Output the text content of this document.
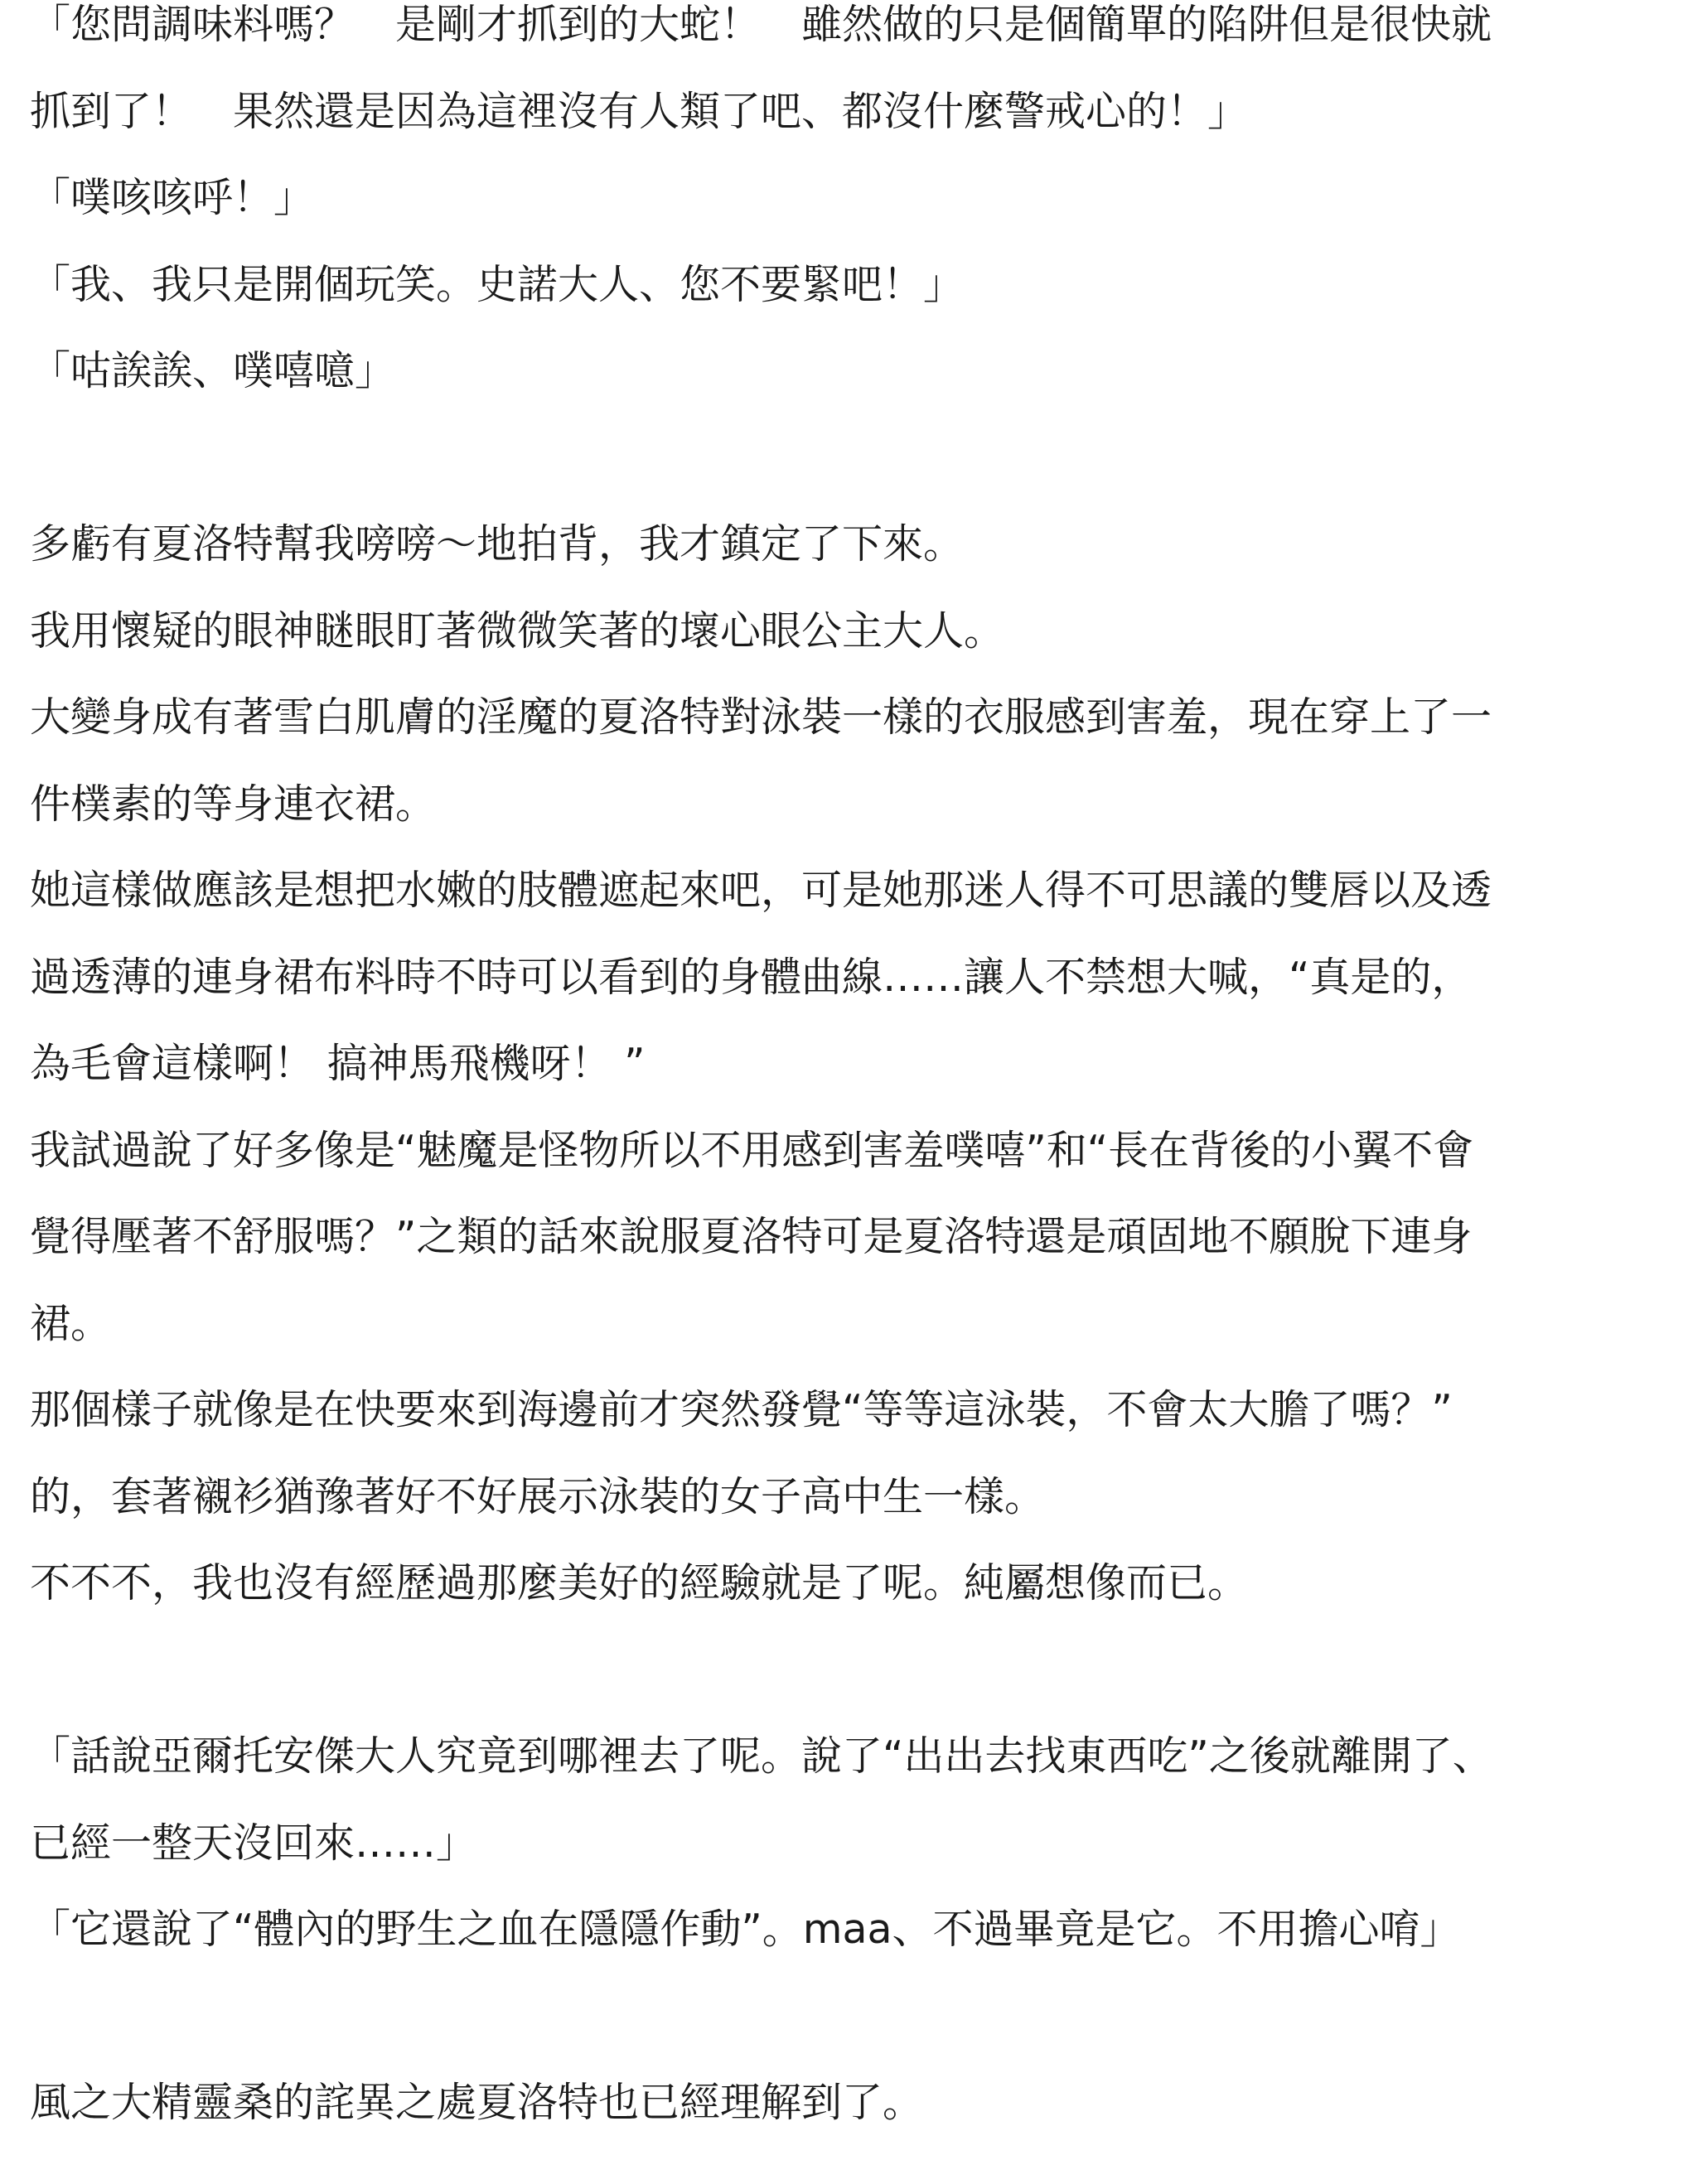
「您問調味料嗎？　是剛才抓到的大蛇！　雖然做的只是個簡單的陷阱但是很快就
抓到了！　果然還是因為這裡沒有人類了吧、都沒什麼警戒心的！」
「噗咳咳呼！」
「我、我只是開個玩笑。史諾大人、您不要緊吧！」
「咕誒誒、噗嘻噫」
多虧有夏洛特幫我嗙嗙～地拍背，我才鎮定了下來。
我用懷疑的眼神瞇眼盯著微微笑著的壞心眼公主大人。
大變身成有著雪白肌膚的淫魔的夏洛特對泳裝一樣的衣服感到害羞，現在穿上了一
件樸素的等身連衣裙。
她這樣做應該是想把水嫩的肢體遮起來吧，可是她那迷人得不可思議的雙唇以及透
過透薄的連身裙布料時不時可以看到的身體曲線……讓人不禁想大喊，“真是的，
為毛會這樣啊！ 搞神馬飛機呀！ ”
我試過說了好多像是“魅魔是怪物所以不用感到害羞噗嘻”和“長在背後的小翼不會
覺得壓著不舒服嗎？”之類的話來說服夏洛特可是夏洛特還是頑固地不願脫下連身
裙。
那個樣子就像是在快要來到海邊前才突然發覺“等等這泳裝，不會太大膽了嗎？”
的，套著襯衫猶豫著好不好展示泳裝的女子高中生一樣。
不不不，我也沒有經歷過那麼美好的經驗就是了呢。純屬想像而已。
「話說亞爾托安傑大人究竟到哪裡去了呢。說了“出出去找東西吃”之後就離開了、
已經一整天沒回來……」
「它還說了“體內的野生之血在隱隱作動”。maa、不過畢竟是它。不用擔心唷」
風之大精靈桑的詫異之處夏洛特也已經理解到了。
